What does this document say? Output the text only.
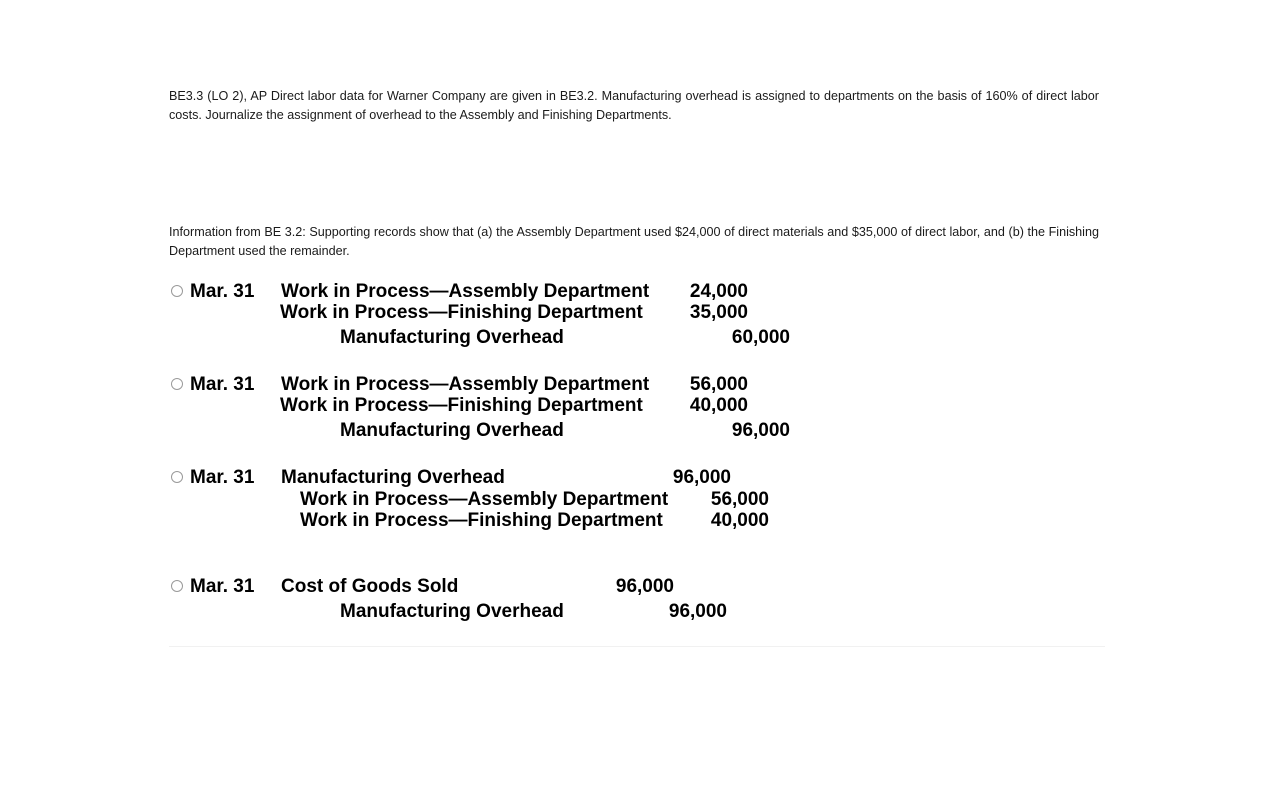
BE3.3 (LO 2), AP Direct labor data for Warner Company are given in BE3.2. Manufacturing overhead is assigned to departments on the basis of 160% of direct labor costs. Journalize the assignment of overhead to the Assembly and Finishing Departments.
Information from BE 3.2: Supporting records show that (a) the Assembly Department used $24,000 of direct materials and $35,000 of direct labor, and (b) the Finishing Department used the remainder.
Mar. 31 Work in Process—Assembly Department	24,000
Work in Process—Finishing Department	35,000
Manufacturing Overhead	60,000
Mar. 31 Work in Process—Assembly Department	56,000
Work in Process—Finishing Department	40,000
Manufacturing Overhead	96,000
Mar. 31 Manufacturing Overhead	96,000
Work in Process—Assembly Department	56,000
Work in Process—Finishing Department	40,000
Mar. 31 Cost of Goods Sold	96,000
Manufacturing Overhead	96,000
